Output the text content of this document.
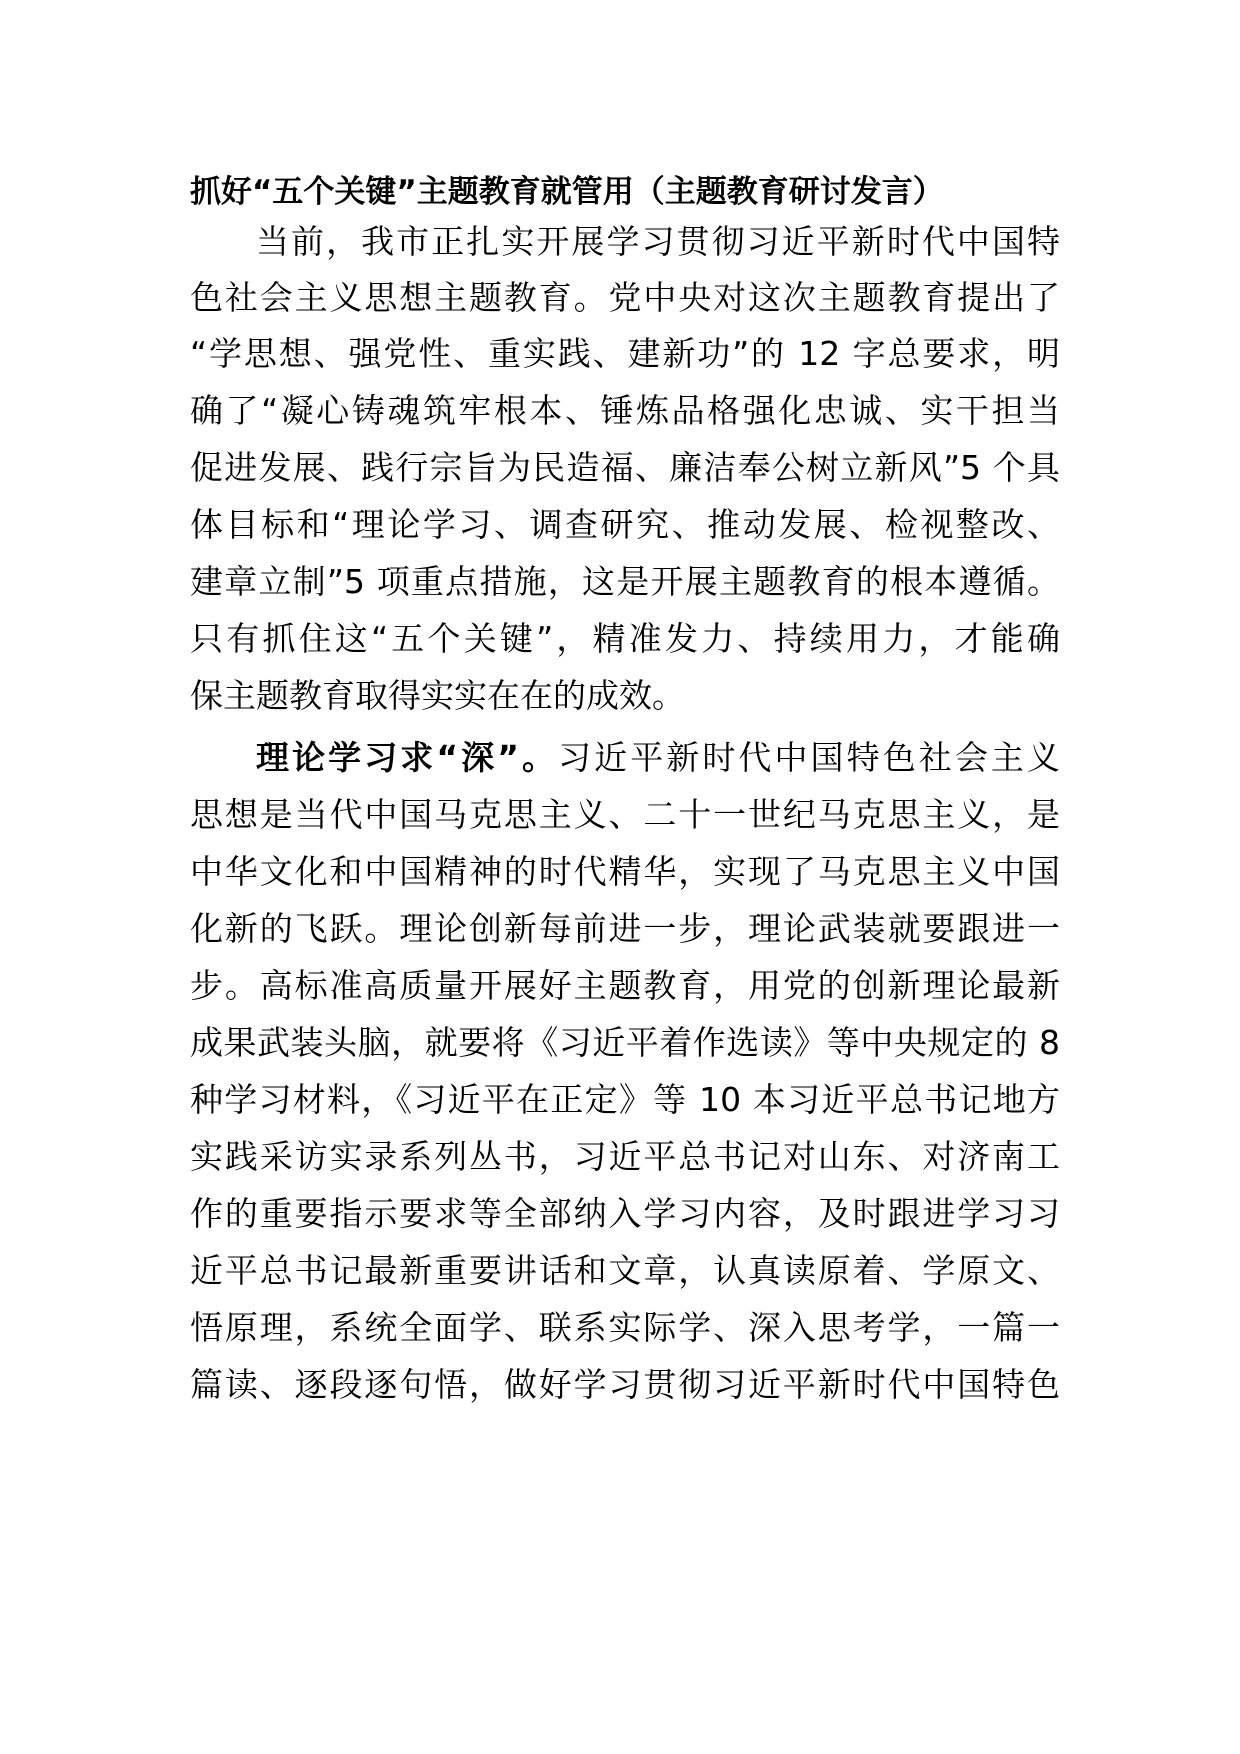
抓好“五个关键”主题教育就管用（主题教育研讨发言）
当前，我市正扎实开展学习贯彻习近平新时代中国特
色社会主义思想主题教育。党中央对这次主题教育提出了
“学思想、强党性、重实践、建新功”的 12 字总要求，明
确了“凝心铸魂筑牢根本、锤炼品格强化忠诚、实干担当
促进发展、践行宗旨为民造福、廉洁奉公树立新风”5 个具
体目标和“理论学习、调查研究、推动发展、检视整改、
建章立制”5 项重点措施，这是开展主题教育的根本遵循。
只有抓住这“五个关键”，精准发力、持续用力，才能确
保主题教育取得实实在在的成效。
理论学习求“深”。习近平新时代中国特色社会主义
思想是当代中国马克思主义、二十一世纪马克思主义，是
中华文化和中国精神的时代精华，实现了马克思主义中国
化新的飞跃。理论创新每前进一步，理论武装就要跟进一
步。高标准高质量开展好主题教育，用党的创新理论最新
成果武装头脑，就要将《习近平着作选读》等中央规定的 8
种学习材料，《习近平在正定》等 10 本习近平总书记地方
实践采访实录系列丛书，习近平总书记对山东、对济南工
作的重要指示要求等全部纳入学习内容，及时跟进学习习
近平总书记最新重要讲话和文章，认真读原着、学原文、
悟原理，系统全面学、联系实际学、深入思考学，一篇一
篇读、逐段逐句悟，做好学习贯彻习近平新时代中国特色
